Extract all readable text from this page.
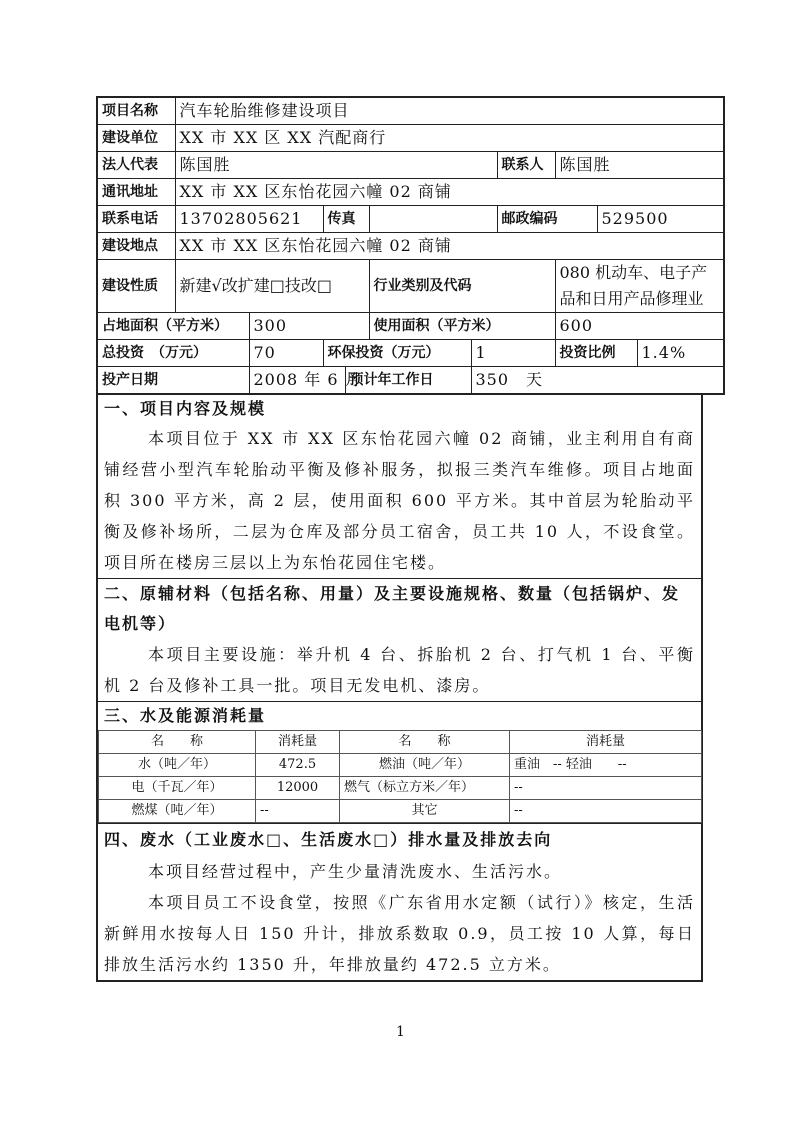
项目名称	汽车轮胎维修建设项目									
建设单位	XX 市 XX 区 XX 汽配商行									
法人代表	陈国胜						联系人	陈国胜		
通讯地址	XX 市 XX 区东怡花园六幢 02 商铺									
联系电话	13702805621		传真				邮政编码		529500	
建设地点	XX 市 XX 区东怡花园六幢 02 商铺									
建设性质	新建√改扩建□技改□				行业类别及代码			080 机动车、电子产品和日用产品修理业		
占地面积（平方米）		300			使用面积（平方米）			600		
总投资　（万元）		70	环保投资（万元）			1		投资比例		1.4%
投产日期		2008 年 6 月		预计年工作日		350　天				
一、项目内容及规模
本项目位于 XX 市 XX 区东怡花园六幢 02 商铺，业主利用自有商铺经营小型汽车轮胎动平衡及修补服务，拟报三类汽车维修。项目占地面积 300 平方米，高 2 层，使用面积 600 平方米。其中首层为轮胎动平衡及修补场所，二层为仓库及部分员工宿舍，员工共 10 人，不设食堂。项目所在楼房三层以上为东怡花园住宅楼。
二、原辅材料（包括名称、用量）及主要设施规格、数量（包括锅炉、发电机等）
本项目主要设施：举升机 4 台、拆胎机 2 台、打气机 1 台、平衡机 2 台及修补工具一批。项目无发电机、漆房。
三、水及能源消耗量
名　　称	消耗量	名　　称	消耗量
水（吨／年）	472.5	燃油（吨／年）	重油　-- 轻油　　--
电（千瓦／年）	12000	燃气（标立方米／年）	--
燃煤（吨／年）	--	其它	--
四、废水（工业废水□、生活废水□）排水量及排放去向
本项目经营过程中，产生少量清洗废水、生活污水。
本项目员工不设食堂，按照《广东省用水定额（试行）》核定，生活新鲜用水按每人日 150 升计，排放系数取 0.9，员工按 10 人算，每日排放生活污水约 1350 升，年排放量约 472.5 立方米。
1
